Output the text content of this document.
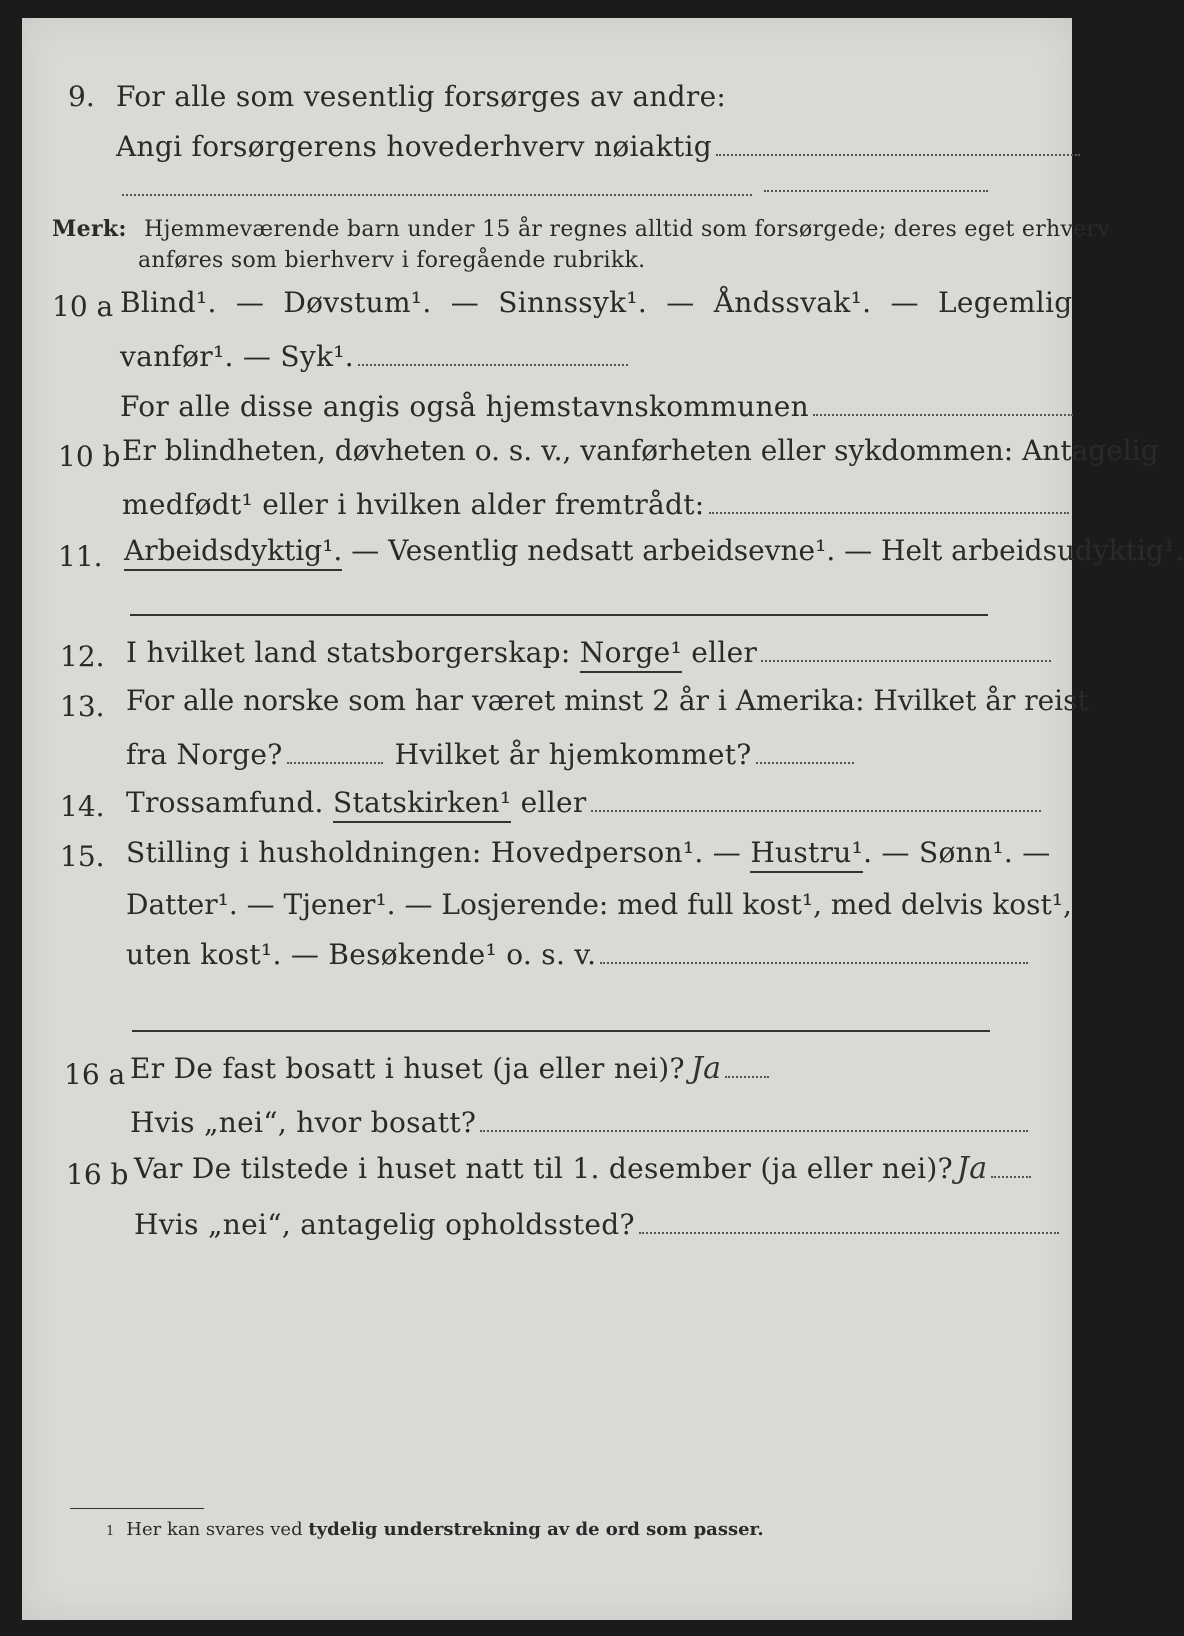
9. For alle som vesentlig forsørges av andre:
Angi forsørgerens hovederhverv nøiaktig
Merk: Hjemmeværende barn under 15 år regnes alltid som forsørgede; deres eget erhverv
anføres som bierhverv i foregående rubrikk.
10 a Blind¹. — Døvstum¹. — Sinnssyk¹. — Åndssvak¹. — Legemlig
vanfør¹. — Syk¹.
For alle disse angis også hjemstavnskommunen
10 b Er blindheten, døvheten o. s. v., vanførheten eller sykdommen: Antagelig
medfødt¹ eller i hvilken alder fremtrådt:
11. Arbeidsdyktig¹. — Vesentlig nedsatt arbeidsevne¹. — Helt arbeidsudyktig¹.
12. I hvilket land statsborgerskap: Norge¹ eller
13. For alle norske som har været minst 2 år i Amerika: Hvilket år reist
fra Norge?	Hvilket år hjemkommet?
14. Trossamfund. Statskirken¹ eller
15. Stilling i husholdningen: Hovedperson¹. — Hustru¹. — Sønn¹. —
Datter¹. — Tjener¹. — Losjerende: med full kost¹, med delvis kost¹,
uten kost¹. — Besøkende¹ o. s. v.
16 a Er De fast bosatt i huset (ja eller nei)? Ja
Hvis „nei“, hvor bosatt?
16 b Var De tilstede i huset natt til 1. desember (ja eller nei)? Ja
Hvis „nei“, antagelig opholdssted?
1 Her kan svares ved tydelig understrekning av de ord som passer.
